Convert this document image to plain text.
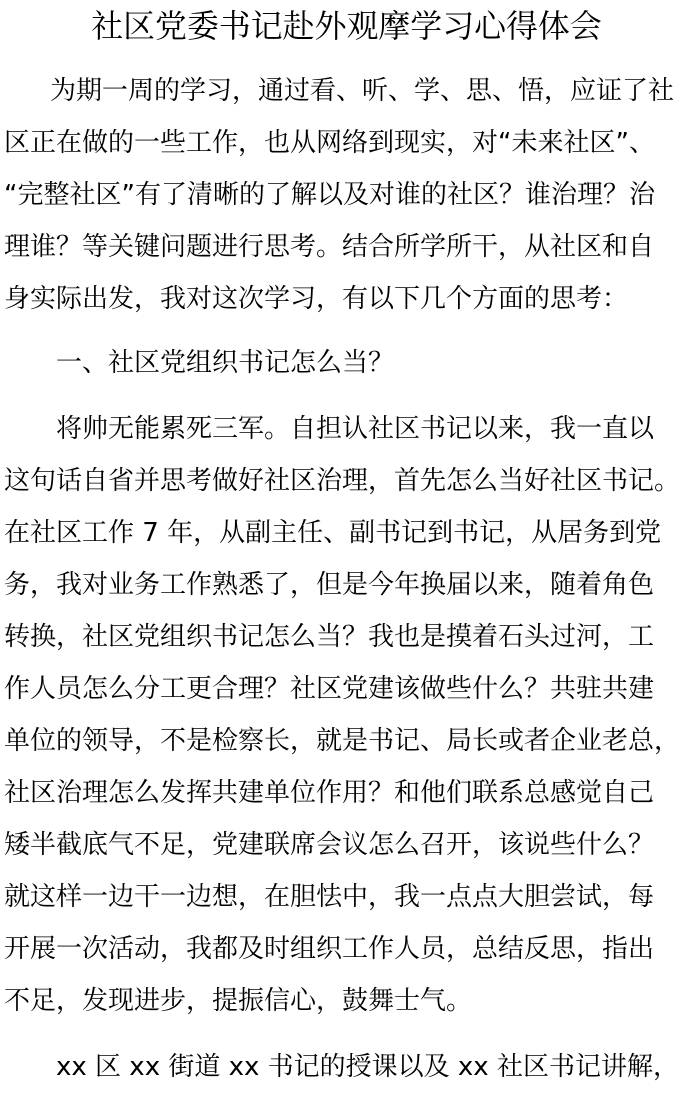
社区党委书记赴外观摩学习心得体会

为期一周的学习，通过看、听、学、思、悟，应证了社

区正在做的一些工作，也从网络到现实，对“未来社区”、

“完整社区”有了清晰的了解以及对谁的社区？谁治理？治

理谁？等关键问题进行思考。结合所学所干，从社区和自

身实际出发，我对这次学习，有以下几个方面的思考：

一、社区党组织书记怎么当？

将帅无能累死三军。自担认社区书记以来，我一直以

这句话自省并思考做好社区治理，首先怎么当好社区书记。

在社区工作 7 年，从副主任、副书记到书记，从居务到党

务，我对业务工作熟悉了，但是今年换届以来，随着角色

转换，社区党组织书记怎么当？我也是摸着石头过河，工

作人员怎么分工更合理？社区党建该做些什么？共驻共建

单位的领导，不是检察长，就是书记、局长或者企业老总，

社区治理怎么发挥共建单位作用？和他们联系总感觉自己

矮半截底气不足，党建联席会议怎么召开，该说些什么？

就这样一边干一边想，在胆怯中，我一点点大胆尝试，每

开展一次活动，我都及时组织工作人员，总结反思，指出

不足，发现进步，提振信心，鼓舞士气。

xx 区 xx 街道 xx 书记的授课以及 xx 社区书记讲解，
